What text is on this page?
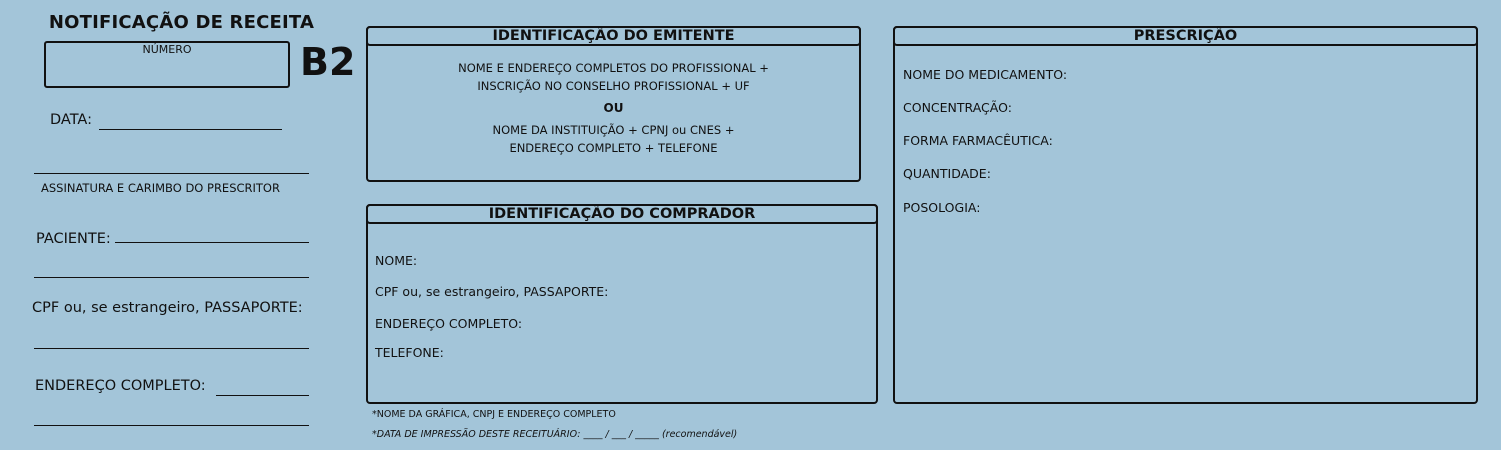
NOTIFICAÇÃO DE RECEITA
NÚMERO	B2
DATA:
ASSINATURA E CARIMBO DO PRESCRITOR
PACIENTE:
CPF ou, se estrangeiro, PASSAPORTE:
ENDEREÇO COMPLETO:
IDENTIFICAÇÃO DO EMITENTE
NOME E ENDEREÇO COMPLETOS DO PROFISSIONAL +
INSCRIÇÃO NO CONSELHO PROFISSIONAL + UF
OU
NOME DA INSTITUIÇÃO + CPNJ ou CNES +
ENDEREÇO COMPLETO + TELEFONE
IDENTIFICAÇÃO DO COMPRADOR
NOME:
CPF ou, se estrangeiro, PASSAPORTE:
ENDEREÇO COMPLETO:
TELEFONE:
*NOME DA GRÁFICA, CNPJ E ENDEREÇO COMPLETO
*DATA DE IMPRESSÃO DESTE RECEITUÁRIO: ____ / ___ / _____ (recomendável)
PRESCRIÇÃO
NOME DO MEDICAMENTO:
CONCENTRAÇÃO:
FORMA FARMACÊUTICA:
QUANTIDADE:
POSOLOGIA:
